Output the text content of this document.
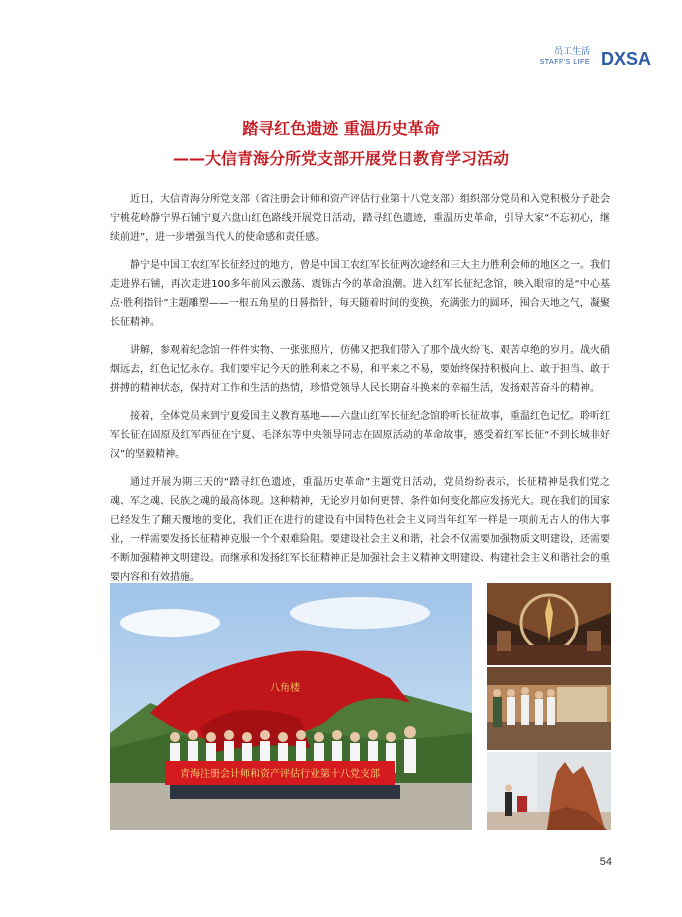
员工生活
STAFF'S LIFE DXSA
踏寻红色遗迹 重温历史革命
——大信青海分所党支部开展党日教育学习活动

近日，大信青海分所党支部（省注册会计师和资产评估行业第十八党支部）组织部分党员和入党积极分子赴会宁桃花岭静宁界石铺宁夏六盘山红色路线开展党日活动，踏寻红色遗迹，重温历史革命，引导大家“不忘初心，继续前进”，进一步增强当代人的使命感和责任感。

静宁是中国工农红军长征经过的地方，曾是中国工农红军长征两次途经和三大主力胜利会师的地区之一。我们走进界石铺，再次走进100多年前风云激荡、震铄古今的革命浪潮。进入红军长征纪念馆，映入眼帘的是“中心基点·胜利指针”主题雕塑——一根五角星的日晷指针，每天随着时间的变换，充满张力的圆环，囤合天地之气，凝聚长征精神。

讲解，参观着纪念馆一件件实物、一张张照片，仿佛又把我们带入了那个战火纷飞、艰苦卓绝的岁月。战火硝烟远去，红色记忆永存。我们要牢记今天的胜利来之不易，和平来之不易，要始终保持积极向上、敢于担当、敢于拼搏的精神状态，保持对工作和生活的热情，珍惜党领导人民长期奋斗换来的幸福生活，发扬艰苦奋斗的精神。

接着，全体党员来到宁夏爱国主义教育基地——六盘山红军长征纪念馆聆听长征故事，重温红色记忆。聆听红军长征在固原及红军西征在宁夏、毛泽东等中央领导同志在固原活动的革命故事，感受着红军长征“不到长城非好汉”的坚毅精神。

通过开展为期三天的“踏寻红色遗迹，重温历史革命”主题党日活动，党员纷纷表示，长征精神是我们党之魂、军之魂、民族之魂的最高体现。这种精神，无论岁月如何更替、条件如何变化都应发扬光大。现在我们的国家已经发生了翻天覆地的变化，我们正在进行的建设有中国特色社会主义同当年红军一样是一项前无古人的伟大事业，一样需要发扬长征精神克服一个个艰难险阻。要建设社会主义和谐，社会不仅需要加强物质文明建设，还需要不断加强精神文明建设。而继承和发扬红军长征精神正是加强社会主义精神文明建设、构建社会主义和谐社会的重要内容和有效措施。

八角楼
青海注册会计师和资产评估行业第十八党支部
54
